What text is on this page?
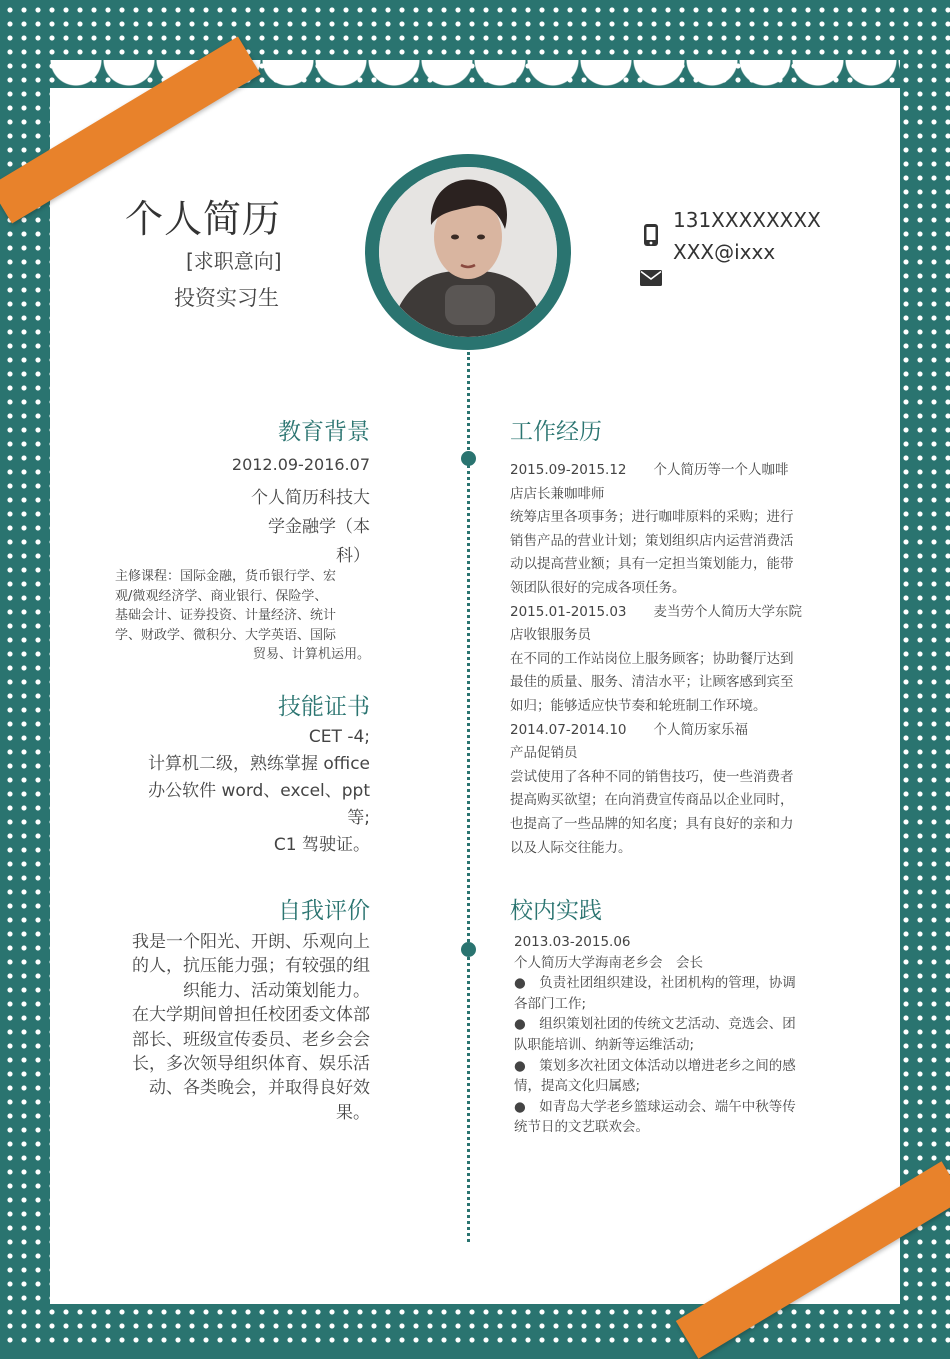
个人简历
[求职意向]
投资实习生
131XXXXXXXX
XXX@ixxx
教育背景
2012.09-2016.07
个人简历科技大
学金融学（本
科）
主修课程：国际金融，货币银行学、宏
观/微观经济学、商业银行、保险学、
基础会计、证券投资、计量经济、统计
学、财政学、微积分、大学英语、国际
贸易、计算机运用。
技能证书
CET -4;
计算机二级，熟练掌握 office
办公软件 word、excel、ppt
等;
C1 驾驶证。
自我评价
我是一个阳光、开朗、乐观向上
的人，抗压能力强；有较强的组
织能力、活动策划能力。
在大学期间曾担任校团委文体部
部长、班级宣传委员、老乡会会
长，多次领导组织体育、娱乐活
动、各类晚会，并取得良好效
果。
工作经历
2015.09-2015.12　　个人简历等一个人咖啡
店店长兼咖啡师
统筹店里各项事务；进行咖啡原料的采购；进行
销售产品的营业计划；策划组织店内运营消费活
动以提高营业额；具有一定担当策划能力，能带
领团队很好的完成各项任务。
2015.01-2015.03　　麦当劳个人简历大学东院
店收银服务员
在不同的工作站岗位上服务顾客；协助餐厅达到
最佳的质量、服务、清洁水平；让顾客感到宾至
如归；能够适应快节奏和轮班制工作环境。
2014.07-2014.10　　个人简历家乐福
产品促销员
尝试使用了各种不同的销售技巧，使一些消费者
提高购买欲望；在向消费宣传商品以企业同时，
也提高了一些品牌的知名度；具有良好的亲和力
以及人际交往能力。
校内实践
2013.03-2015.06
个人简历大学海南老乡会　会长
●　负责社团组织建设，社团机构的管理，协调
各部门工作;
●　组织策划社团的传统文艺活动、竞选会、团
队职能培训、纳新等运维活动;
●　策划多次社团文体活动以增进老乡之间的感
情，提高文化归属感;
●　如青岛大学老乡篮球运动会、端午中秋等传
统节日的文艺联欢会。
